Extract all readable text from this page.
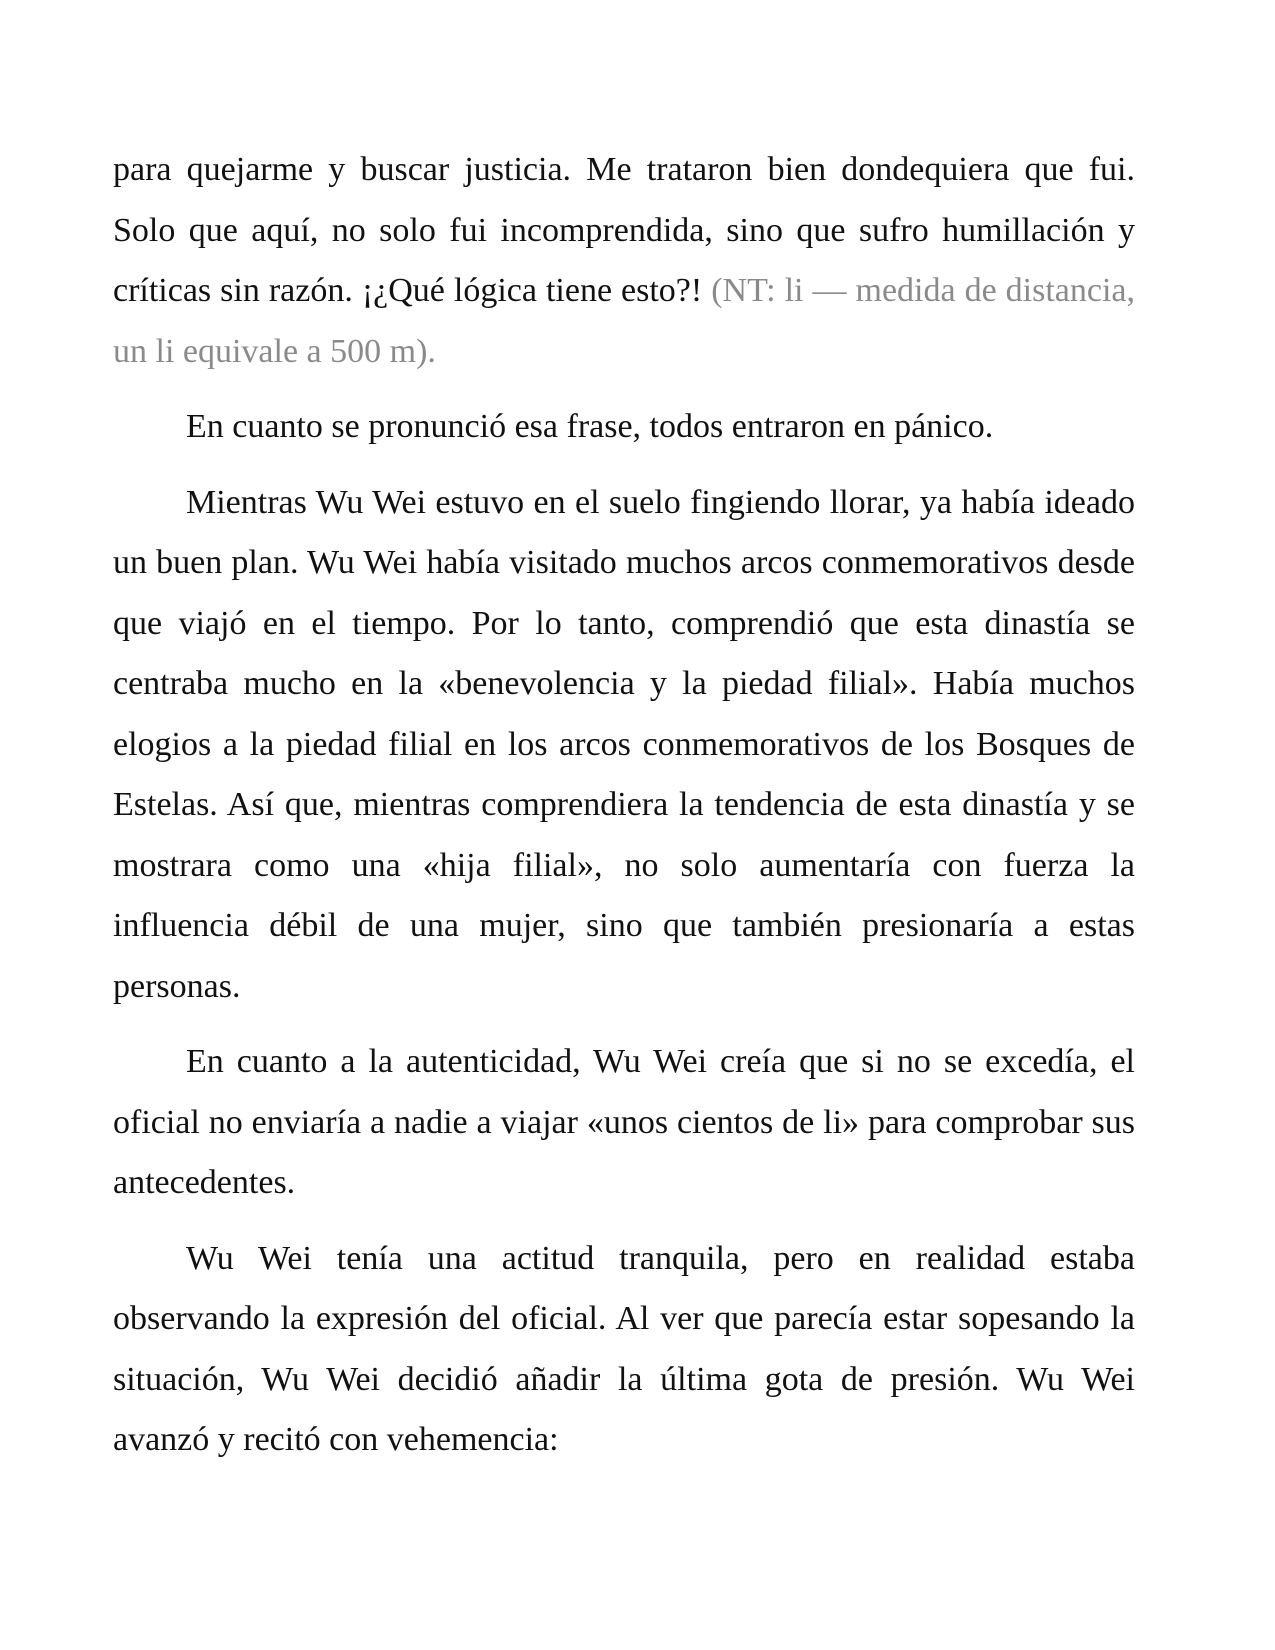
para quejarme y buscar justicia. Me trataron bien dondequiera que fui. Solo que aquí, no solo fui incomprendida, sino que sufro humillación y críticas sin razón. ¡¿Qué lógica tiene esto?! (NT: li — medida de distancia, un li equivale a 500 m).

En cuanto se pronunció esa frase, todos entraron en pánico.

Mientras Wu Wei estuvo en el suelo fingiendo llorar, ya había ideado un buen plan. Wu Wei había visitado muchos arcos conmemorativos desde que viajó en el tiempo. Por lo tanto, comprendió que esta dinastía se centraba mucho en la «benevolencia y la piedad filial». Había muchos elogios a la piedad filial en los arcos conmemorativos de los Bosques de Estelas. Así que, mientras comprendiera la tendencia de esta dinastía y se mostrara como una «hija filial», no solo aumentaría con fuerza la influencia débil de una mujer, sino que también presionaría a estas personas.

En cuanto a la autenticidad, Wu Wei creía que si no se excedía, el oficial no enviaría a nadie a viajar «unos cientos de li» para comprobar sus antecedentes.

Wu Wei tenía una actitud tranquila, pero en realidad estaba observando la expresión del oficial. Al ver que parecía estar sopesando la situación, Wu Wei decidió añadir la última gota de presión. Wu Wei avanzó y recitó con vehemencia:
